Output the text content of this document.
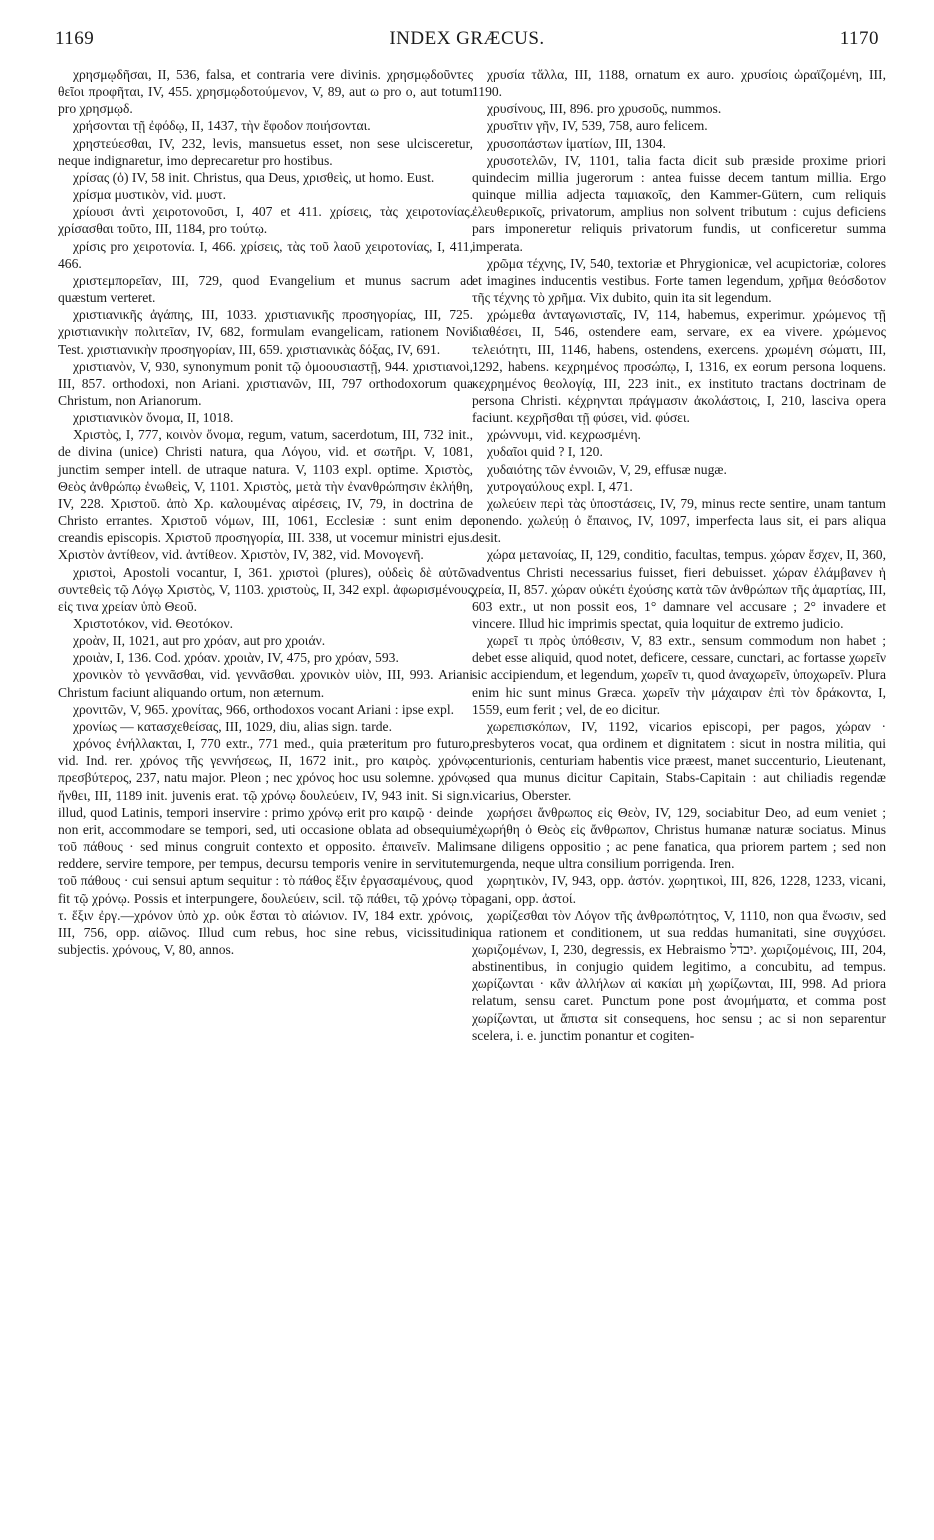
1169	INDEX GRÆCUS.	1170

χρησμῳδῆσαι, II, 536, falsa, et contraria vere divinis. χρησμῳδοῦντες θεῖοι προφῆται, IV, 455. χρησμῳδοτούμενον, V, 89, aut ω pro ο, aut totum pro χρησμῳδ.

χρήσονται τῇ ἐφόδῳ, II, 1437, τὴν ἔφοδον ποιήσονται.

χρηστεύεσθαι, IV, 232, levis, mansuetus esset, non sese ulcisceretur, neque indignaretur, imo deprecaretur pro hostibus.

χρίσας (ὁ) IV, 58 init. Christus, qua Deus, χρισθεὶς, ut homo. Eust.

χρίσμα μυστικὸν, vid. μυστ.

χρίουσι ἀντὶ χειροτονοῦσι, I, 407 et 411. χρίσεις, τὰς χειροτονίας. χρίσασθαι τοῦτο, III, 1184, pro τούτῳ.

χρίσις pro χειροτονία. I, 466. χρίσεις, τὰς τοῦ λαοῦ χειροτονίας, I, 411, 466.

χριστεμπορεῖαν, III, 729, quod Evangelium et munus sacrum ad quæstum verteret.

χριστιανικῆς ἀγάπης, III, 1033. χριστιανικῆς προσηγορίας, III, 725. χριστιανικὴν πολιτεῖαν, IV, 682, formulam evangelicam, rationem Novi Test. χριστιανικὴν προσηγορίαν, III, 659. χριστιανικὰς δόξας, IV, 691.

χριστιανὸν, V, 930, synonymum ponit τῷ ὁμοουσιαστῇ, 944. χριστιανοὶ, III, 857. orthodoxi, non Ariani. χριστιανῶν, III, 797 orthodoxorum qua Christum, non Arianorum.

χριστιανικὸν ὄνομα, II, 1018.

Χριστὸς, I, 777, κοινὸν ὄνομα, regum, vatum, sacerdotum, III, 732 init., de divina (unice) Christi natura, qua Λόγου, vid. et σωτῆρι. V, 1081, junctim semper intell. de utraque natura. V, 1103 expl. optime. Χριστὸς, Θεὸς ἀνθρώπῳ ἑνωθεὶς, V, 1101. Χριστὸς, μετὰ τὴν ἐνανθρώπησιν ἐκλήθη, IV, 228. Χριστοῦ. ἀπὸ Χρ. καλουμένας αἱρέσεις, IV, 79, in doctrina de Christo errantes. Χριστοῦ νόμων, III, 1061, Ecclesiæ : sunt enim de creandis episcopis. Χριστοῦ προσηγορία, III. 338, ut vocemur ministri ejus. Χριστὸν ἀντίθεον, vid. ἀντίθεον. Χριστὸν, IV, 382, vid. Μονογενῆ.

χριστοὶ, Apostoli vocantur, I, 361. χριστοὶ (plures), οὐδεὶς δὲ αὐτῶν συντεθεὶς τῷ Λόγῳ Χριστὸς, V, 1103. χριστοὺς, II, 342 expl. ἀφωρισμένους εἰς τινα χρείαν ὑπὸ Θεοῦ.

Χριστοτόκον, vid. Θεοτόκον.

χροὰν, II, 1021, aut pro χρόαν, aut pro χροιάν.

χροιὰν, I, 136. Cod. χρόαν. χροιὰν, IV, 475, pro χρόαν, 593.

χρονικὸν τὸ γεννᾶσθαι, vid. γεννᾶσθαι. χρονικὸν υἱὸν, III, 993. Ariani Christum faciunt aliquando ortum, non æternum.

χρονιτῶν, V, 965. χρονίτας, 966, orthodoxos vocant Ariani : ipse expl.

χρονίως — κατασχεθείσας, III, 1029, diu, alias sign. tarde.

χρόνος ἐνήλλακται, I, 770 extr., 771 med., quia præteritum pro futuro, vid. Ind. rer. χρόνος τῆς γεννήσεως, II, 1672 init., pro καιρὸς. χρόνῳ πρεσβύτερος, 237, natu major. Pleon ; nec χρόνος hoc usu solemne. χρόνῳ ἥνθει, III, 1189 init. juvenis erat. τῷ χρόνῳ δουλεύειν, IV, 943 init. Si sign. illud, quod Latinis, tempori inservire : primo χρόνῳ erit pro καιρῷ · deinde non erit, accommodare se tempori, sed, uti occasione oblata ad obsequium τοῦ πάθους · sed minus congruit contexto et opposito. ἐπαινεῖν. Malim reddere, servire tempore, per tempus, decursu temporis venire in servitutem τοῦ πάθους · cui sensui aptum sequitur : τὸ πάθος ἕξιν ἐργασαμένους, quod fit τῷ χρόνῳ. Possis et interpungere, δουλεύειν, scil. τῷ πάθει, τῷ χρόνῳ τὸ τ. ἕξιν ἐργ.—χρόνον ὑπὸ χρ. οὐκ ἔσται τὸ αἰώνιον. IV, 184 extr. χρόνοις, III, 756, opp. αἰῶνος. Illud cum rebus, hoc sine rebus, vicissitudini subjectis. χρόνους, V, 80, annos.

χρυσία τἄλλα, III, 1188, ornatum ex auro. χρυσίοις ὡραϊζομένη, III, 1190.

χρυσίνους, III, 896. pro χρυσοῦς, nummos.

χρυσῖτιν γῆν, IV, 539, 758, auro felicem.

χρυσοπάστων ἱματίων, III, 1304.

χρυσοτελῶν, IV, 1101, talia facta dicit sub præside proxime priori quindecim millia jugerorum : antea fuisse decem tantum millia. Ergo quinque millia adjecta ταμιακοῖς, den Kammer-Gütern, cum reliquis ἐλευθερικοῖς, privatorum, amplius non solvent tributum : cujus deficiens pars imponeretur reliquis privatorum fundis, ut conficeretur summa imperata.

χρῶμα τέχνης, IV, 540, textoriæ et Phrygionicæ, vel acupictoriæ, colores et imagines inducentis vestibus. Forte tamen legendum, χρῆμα θεόσδοτον τῆς τέχνης τὸ χρῆμα. Vix dubito, quin ita sit legendum.

χρώμεθα ἀνταγωνισταῖς, IV, 114, habemus, experimur. χρώμενος τῇ διαθέσει, II, 546, ostendere eam, servare, ex ea vivere. χρώμενος τελειότητι, III, 1146, habens, ostendens, exercens. χρωμένη σώματι, III, 1292, habens. κεχρημένος προσώπῳ, I, 1316, ex eorum persona loquens. κεχρημένος θεολογίᾳ, III, 223 init., ex instituto tractans doctrinam de persona Christi. κέχρηνται πράγμασιν ἀκολάστοις, I, 210, lasciva opera faciunt. κεχρῆσθαι τῇ φύσει, vid. φύσει.

χρώννυμι, vid. κεχρωσμένη.

χυδαῖοι quid ? I, 120.

χυδαιότης τῶν ἐννοιῶν, V, 29, effusæ nugæ.

χυτρογαύλους expl. I, 471.

χωλεύειν περὶ τὰς ὑποστάσεις, IV, 79, minus recte sentire, unam tantum ponendo. χωλεύῃ ὁ ἔπαινος, IV, 1097, imperfecta laus sit, ei pars aliqua desit.

χώρα μετανοίας, II, 129, conditio, facultas, tempus. χώραν ἔσχεν, II, 360, adventus Christi necessarius fuisset, fieri debuisset. χώραν ἐλάμβανεν ἡ χρεία, II, 857. χώραν οὐκέτι ἐχούσης κατὰ τῶν ἀνθρώπων τῆς ἁμαρτίας, III, 603 extr., ut non possit eos, 1° damnare vel accusare ; 2° invadere et vincere. Illud hic imprimis spectat, quia loquitur de extremo judicio.

χωρεῖ τι πρὸς ὑπόθεσιν, V, 83 extr., sensum commodum non habet ; debet esse aliquid, quod notet, deficere, cessare, cunctari, ac fortasse χωρεῖν sic accipiendum, et legendum, χωρεῖν τι, quod ἀναχωρεῖν, ὑποχωρεῖν. Plura enim hic sunt minus Græca. χωρεῖν τὴν μάχαιραν ἐπὶ τὸν δράκοντα, I, 1559, eum ferit ; vel, de eo dicitur.

χωρεπισκόπων, IV, 1192, vicarios episcopi, per pagos, χώραν · presbyteros vocat, qua ordinem et dignitatem : sicut in nostra militia, qui centurionis, centuriam habentis vice præest, manet succenturio, Lieutenant, sed qua munus dicitur Capitain, Stabs-Capitain : aut chiliadis regendæ vicarius, Oberster.

χωρήσει ἄνθρωπος εἰς Θεὸν, IV, 129, sociabitur Deo, ad eum veniet ; ἐχωρήθη ὁ Θεὸς εἰς ἄνθρωπον, Christus humanæ naturæ sociatus. Minus sane diligens oppositio ; ac pene fanatica, qua priorem partem ; sed non urgenda, neque ultra consilium porrigenda. Iren.

χωρητικὸν, IV, 943, opp. ἀστόν. χωρητικοὶ, III, 826, 1228, 1233, vicani, pagani, opp. ἀστοί.

χωρίζεσθαι τὸν Λόγον τῆς ἀνθρωπότητος, V, 1110, non qua ἕνωσιν, sed qua rationem et conditionem, ut sua reddas humanitati, sine συγχύσει. χωριζομένων, I, 230, degressis, ex Hebraismo יבדל. χωριζομένοις, III, 204, abstinentibus, in conjugio quidem legitimo, a concubitu, ad tempus. χωρίζωνται · κἂν ἀλλήλων αἱ κακίαι μὴ χωρίζωνται, III, 998. Ad priora relatum, sensu caret. Punctum pone post ἀνομήματα, et comma post χωρίζωνται, ut ἄπιστα sit consequens, hoc sensu ; ac si non separentur scelera, i. e. junctim ponantur et cogiten-
